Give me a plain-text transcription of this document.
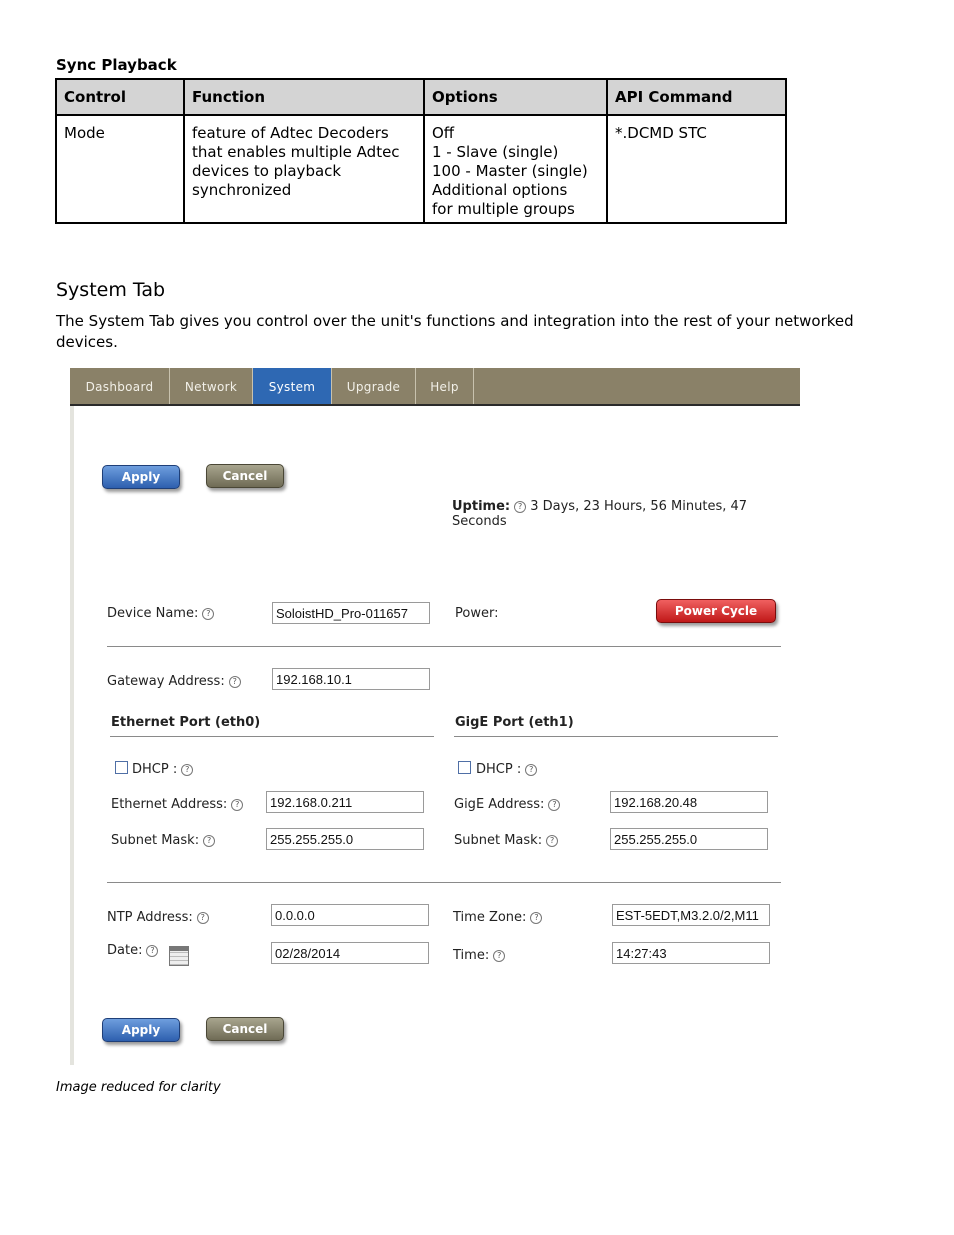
Sync Playback
Control	Function	Options	API Command
Mode	feature of Adtec Decoders that enables multiple Adtec devices to playback synchronized	Off
1 - Slave (single)
100 - Master (single)
Additional options
for multiple groups	*.DCMD STC
System Tab
The System Tab gives you control over the unit's functions and integration into the rest of your networked devices.
Dashboard	Network	System	Upgrade	Help
Apply	Cancel
Uptime: ? 3 Days, 23 Hours, 56 Minutes, 47
Seconds
Device Name: ?
SoloistHD_Pro-011657	Power:	Power Cycle
Gateway Address: ?
192.168.10.1
Ethernet Port (eth0)	GigE Port (eth1)
DHCP : ?	DHCP : ?
Ethernet Address: ?
192.168.0.211	GigE Address: ?
192.168.20.48
Subnet Mask: ?
255.255.255.0	Subnet Mask: ?
255.255.255.0
NTP Address: ?
0.0.0.0	Time Zone: ?
EST-5EDT,M3.2.0/2,M11
Date: ?
02/28/2014	Time: ?
14:27:43
Apply	Cancel
Image reduced for clarity
